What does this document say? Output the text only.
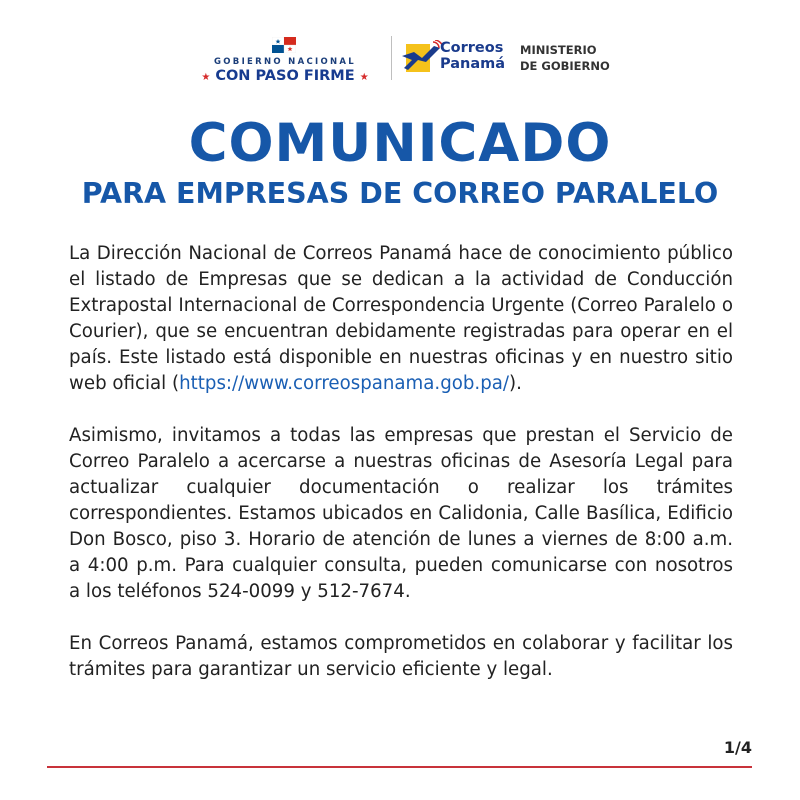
GOBIERNO NACIONAL
★ CON PASO FIRME ★
Correos
Panamá
MINISTERIO
DE GOBIERNO
COMUNICADO
PARA EMPRESAS DE CORREO PARALELO

La Dirección Nacional de Correos Panamá hace de conocimiento público el listado de Empresas que se dedican a la actividad de Conducción Extrapostal Internacional de Correspondencia Urgente (Correo Paralelo o Courier), que se encuentran debidamente registradas para operar en el país. Este listado está disponible en nuestras oficinas y en nuestro sitio web oficial (https://www.correospanama.gob.pa/).

Asimismo, invitamos a todas las empresas que prestan el Servicio de Correo Paralelo a acercarse a nuestras oficinas de Asesoría Legal para actualizar cualquier documentación o realizar los trámites correspondientes. Estamos ubicados en Calidonia, Calle Basílica, Edificio Don Bosco, piso 3. Horario de atención de lunes a viernes de 8:00 a.m. a 4:00 p.m. Para cualquier consulta, pueden comunicarse con nosotros a los teléfonos 524-0099 y 512-7674.

En Correos Panamá, estamos comprometidos en colaborar y facilitar los trámites para garantizar un servicio eficiente y legal.

1/4
